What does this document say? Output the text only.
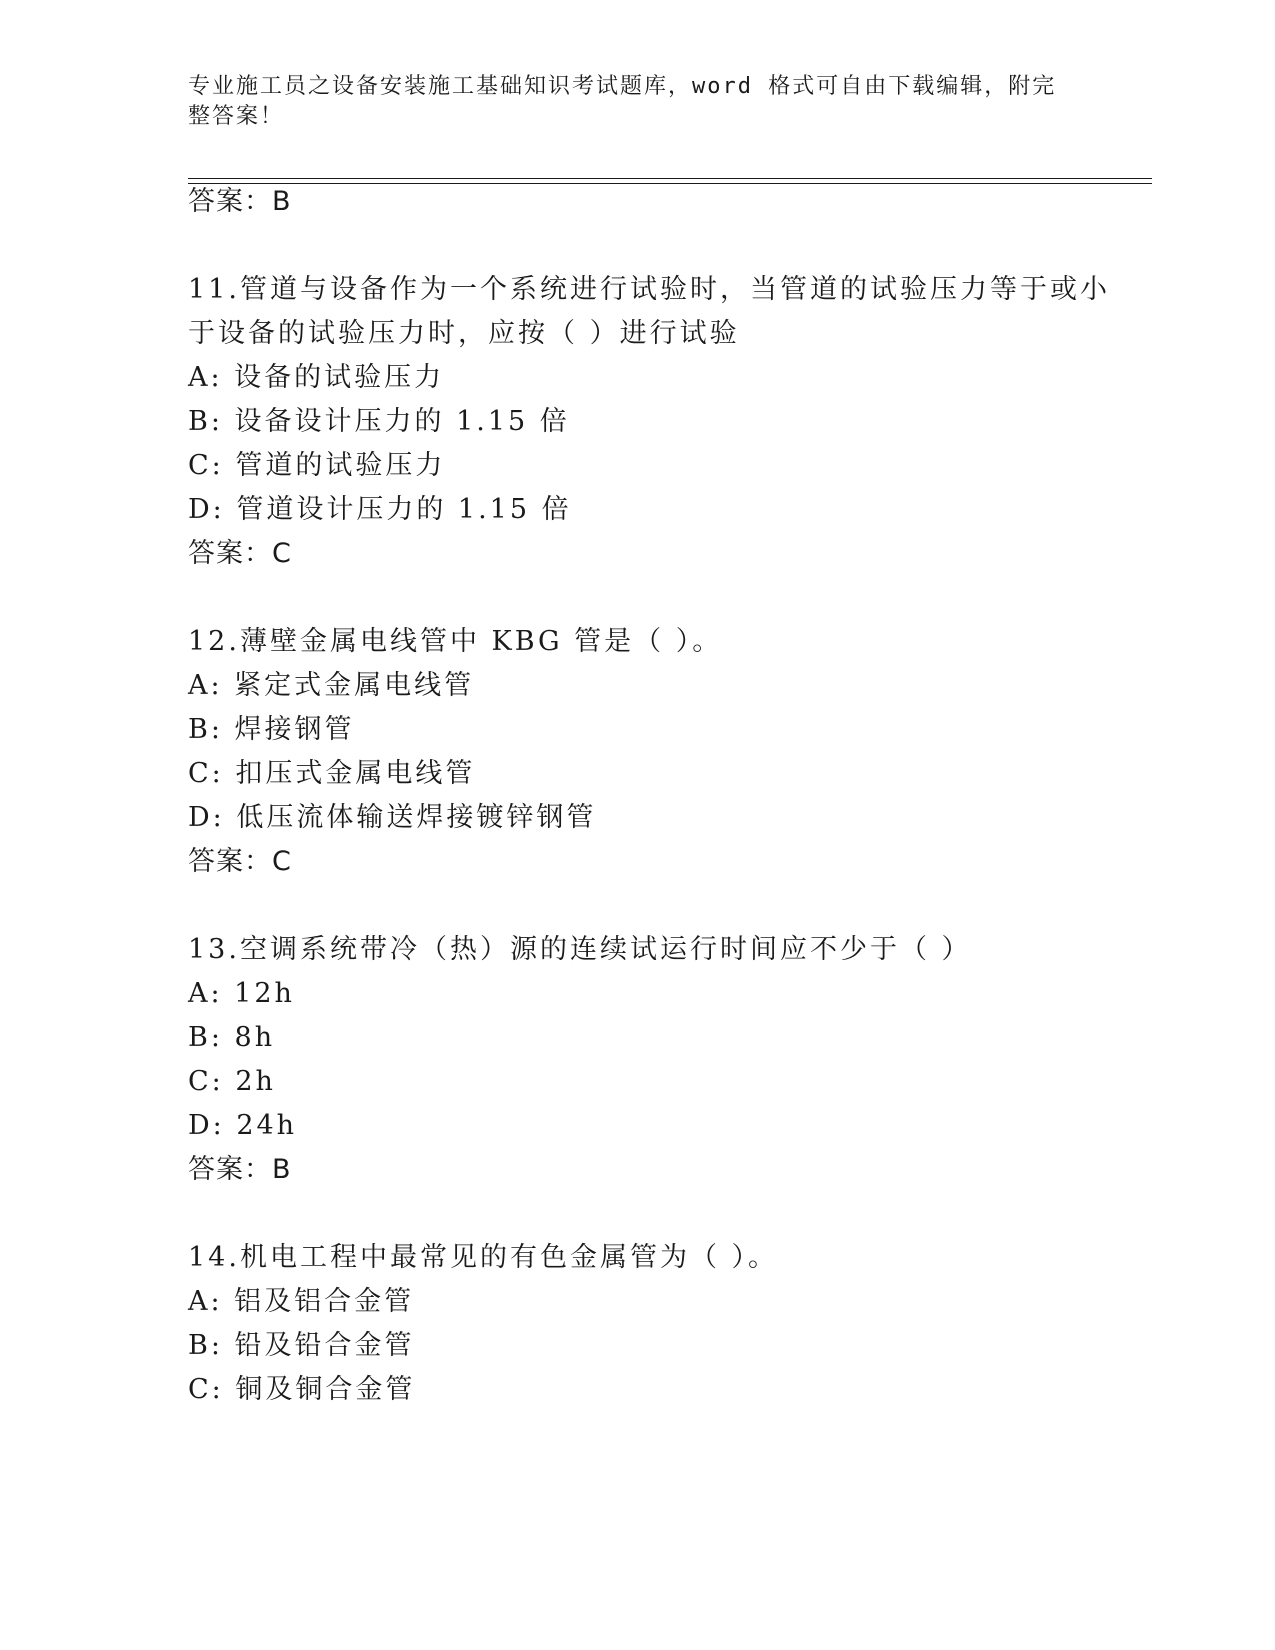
专业施工员之设备安装施工基础知识考试题库，word 格式可自由下载编辑，附完整答案！
答案：B
11.管道与设备作为一个系统进行试验时，当管道的试验压力等于或小
于设备的试验压力时，应按（ ）进行试验
A: 设备的试验压力
B: 设备设计压力的 1.15 倍
C: 管道的试验压力
D: 管道设计压力的 1.15 倍
答案：C
12.薄壁金属电线管中 KBG 管是（ ）。
A: 紧定式金属电线管
B: 焊接钢管
C: 扣压式金属电线管
D: 低压流体输送焊接镀锌钢管
答案：C
13.空调系统带冷（热）源的连续试运行时间应不少于（ ）
A: 12h
B: 8h
C: 2h
D: 24h
答案：B
14.机电工程中最常见的有色金属管为（ ）。
A: 铝及铝合金管
B: 铅及铅合金管
C: 铜及铜合金管
